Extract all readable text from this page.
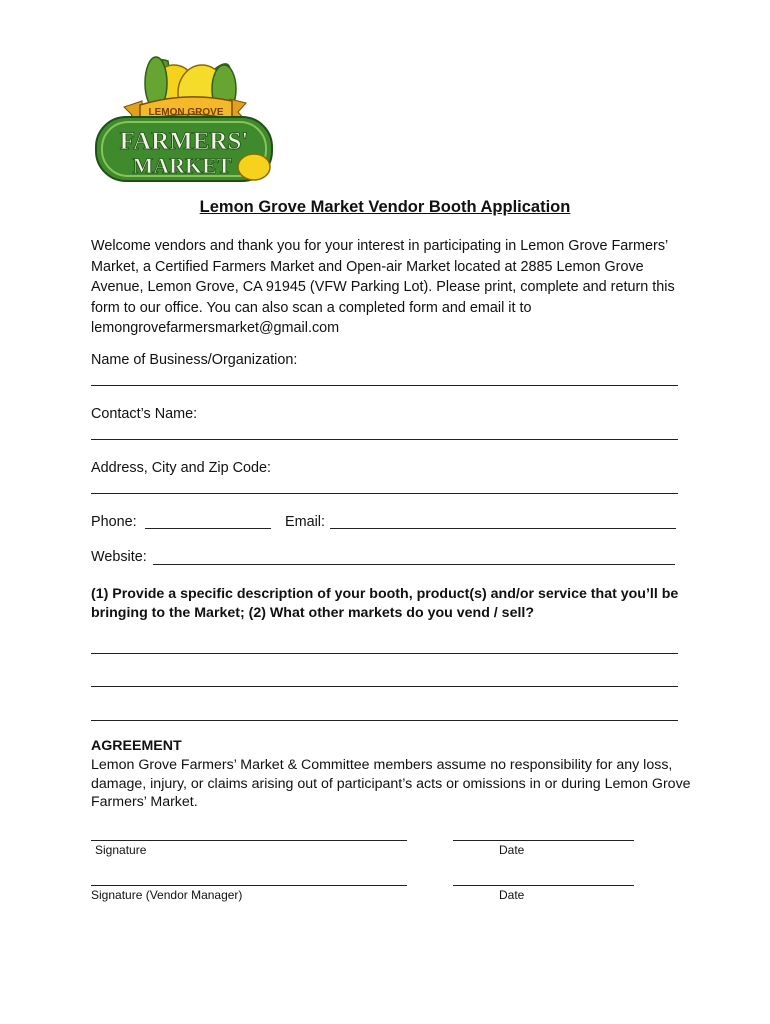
LEMON GROVE
FARMERS'
MARKET
Lemon Grove Market Vendor Booth Application
Welcome vendors and thank you for your interest in participating in Lemon Grove Farmers’ Market, a Certified Farmers Market and Open-air Market located at 2885 Lemon Grove Avenue, Lemon Grove, CA 91945 (VFW Parking Lot). Please print, complete and return this form to our office. You can also scan a completed form and email it to lemongrovefarmersmarket@gmail.com
Name of Business/Organization:
Contact’s Name:
Address, City and Zip Code:
Phone:	Email:
Website:
(1) Provide a specific description of your booth, product(s) and/or service that you’ll be bringing to the Market; (2) What other markets do you vend / sell?
AGREEMENT
Lemon Grove Farmers’ Market & Committee members assume no responsibility for any loss, damage, injury, or claims arising out of participant’s acts or omissions in or during Lemon Grove Farmers’ Market.
Signature	Date
Signature (Vendor Manager)	Date
